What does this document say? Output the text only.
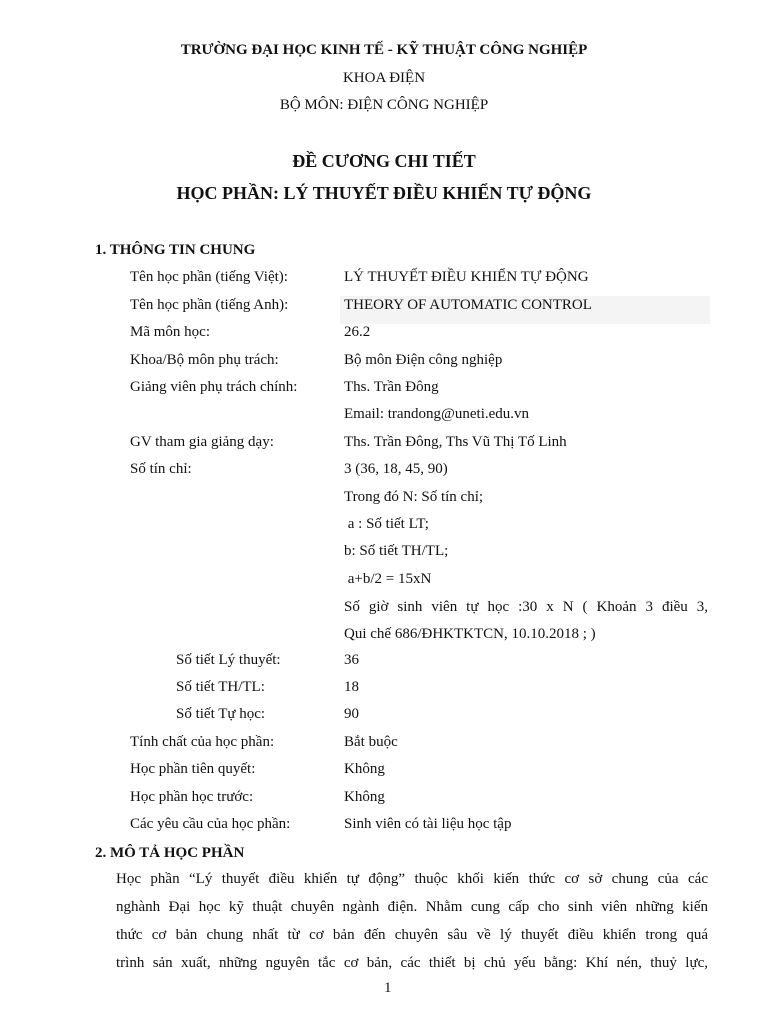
TRƯỜNG ĐẠI HỌC KINH TẾ - KỸ THUẬT CÔNG NGHIỆP
KHOA ĐIỆN
BỘ MÔN: ĐIỆN CÔNG NGHIỆP
ĐỀ CƯƠNG CHI TIẾT
HỌC PHẦN: LÝ THUYẾT ĐIỀU KHIỂN TỰ ĐỘNG
1. THÔNG TIN CHUNG
Tên học phần (tiếng Việt):	LÝ THUYẾT ĐIỀU KHIỂN TỰ ĐỘNG
Tên học phần (tiếng Anh):	THEORY OF AUTOMATIC CONTROL
Mã môn học:	26.2
Khoa/Bộ môn phụ trách:	Bộ môn Điện công nghiệp
Giảng viên phụ trách chính:	Ths. Trần Đông
Email: trandong@uneti.edu.vn
GV tham gia giảng dạy:	Ths. Trần Đông, Ths Vũ Thị Tố Linh
Số tín chỉ:	3 (36, 18, 45, 90)
Trong đó N: Số tín chỉ;
a : Số tiết LT;
b: Số tiết TH/TL;
a+b/2 = 15xN
Số giờ sinh viên tự học :30 x N ( Khoản 3 điều 3,
Qui chế 686/ĐHKTKTCN, 10.10.2018 ; )
Số tiết Lý thuyết:	36
Số tiết TH/TL:	18
Số tiết Tự học:	90
Tính chất của học phần:	Bắt buộc
Học phần tiên quyết:	Không
Học phần học trước:	Không
Các yêu cầu của học phần:	Sinh viên có tài liệu học tập
2. MÔ TẢ HỌC PHẦN
Học phần “Lý thuyết điều khiển tự động” thuộc khối kiến thức cơ sở chung của các
nghành Đại học kỹ thuật chuyên ngành điện. Nhằm cung cấp cho sinh viên những kiến
thức cơ bản chung nhất từ cơ bản đến chuyên sâu về lý thuyết điều khiển trong quá
trình sản xuất, những nguyên tắc cơ bản, các thiết bị chủ yếu bằng: Khí nén, thuỷ lực,
1
